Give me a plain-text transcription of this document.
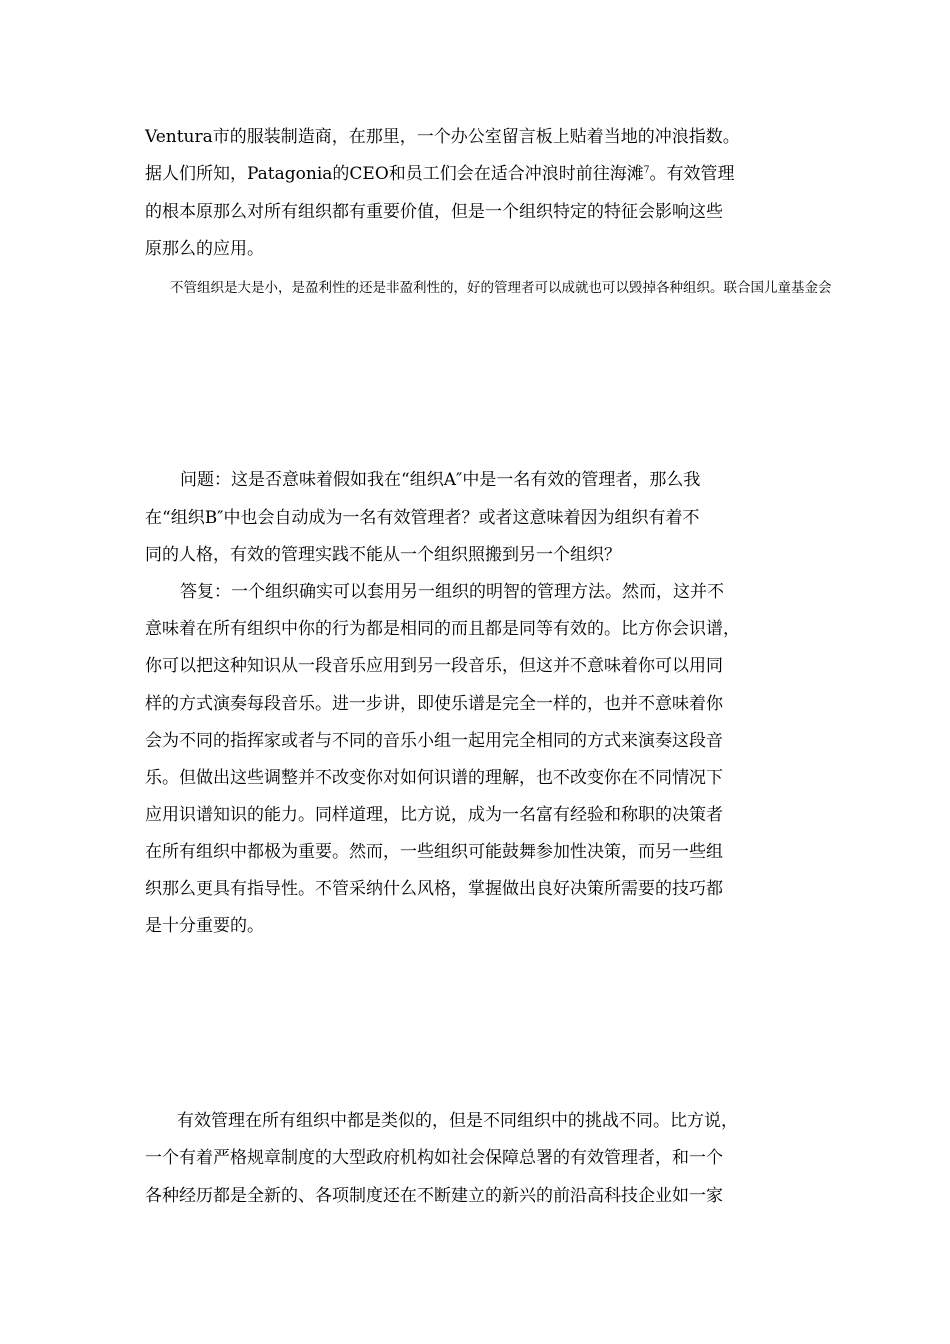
Ventura市的服装制造商，在那里，一个办公室留言板上贴着当地的冲浪指数。
据人们所知，Patagonia的CEO和员工们会在适合冲浪时前往海滩$^7$。有效管理
的根本原那么对所有组织都有重要价值，但是一个组织特定的特征会影响这些
原那么的应用。
不管组织是大是小，是盈利性的还是非盈利性的，好的管理者可以成就也可以毁掉各种组织。联合国儿童基金会
问题：这是否意味着假如我在“组织A″中是一名有效的管理者，那么我
在“组织B″中也会自动成为一名有效管理者？或者这意味着因为组织有着不
同的人格，有效的管理实践不能从一个组织照搬到另一个组织？
答复：一个组织确实可以套用另一组织的明智的管理方法。然而，这并不
意味着在所有组织中你的行为都是相同的而且都是同等有效的。比方你会识谱，
你可以把这种知识从一段音乐应用到另一段音乐，但这并不意味着你可以用同
样的方式演奏每段音乐。进一步讲，即使乐谱是完全一样的，也并不意味着你
会为不同的指挥家或者与不同的音乐小组一起用完全相同的方式来演奏这段音
乐。但做出这些调整并不改变你对如何识谱的理解，也不改变你在不同情况下
应用识谱知识的能力。同样道理，比方说，成为一名富有经验和称职的决策者
在所有组织中都极为重要。然而，一些组织可能鼓舞参加性决策，而另一些组
织那么更具有指导性。不管采纳什么风格，掌握做出良好决策所需要的技巧都
是十分重要的。
有效管理在所有组织中都是类似的，但是不同组织中的挑战不同。比方说，
一个有着严格规章制度的大型政府机构如社会保障总署的有效管理者，和一个
各种经历都是全新的、各项制度还在不断建立的新兴的前沿高科技企业如一家
